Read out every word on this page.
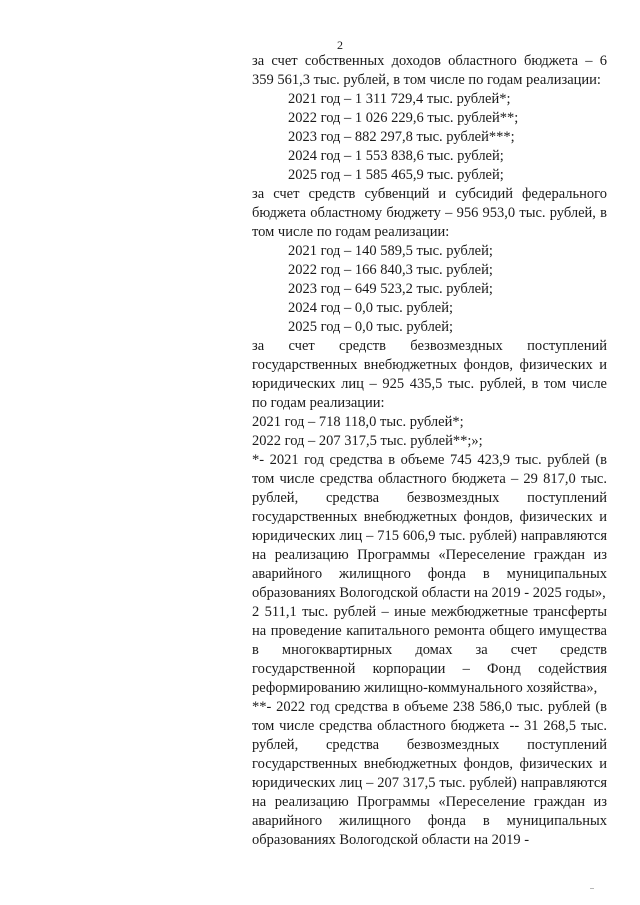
2
за счет собственных доходов областного бюджета – 6 359 561,3 тыс. рублей, в том числе по годам реализации:
2021 год – 1 311 729,4 тыс. рублей*;
2022 год – 1 026 229,6 тыс. рублей**;
2023 год – 882 297,8 тыс. рублей***;
2024 год – 1 553 838,6 тыс. рублей;
2025 год – 1 585 465,9 тыс. рублей;
за счет средств субвенций и субсидий федерального бюджета областному бюджету – 956 953,0 тыс. рублей, в том числе по годам реализации:
2021 год – 140 589,5 тыс. рублей;
2022 год – 166 840,3 тыс. рублей;
2023 год – 649 523,2 тыс. рублей;
2024 год – 0,0 тыс. рублей;
2025 год – 0,0 тыс. рублей;
за счет средств безвозмездных поступлений государственных внебюджетных фондов, физических и юридических лиц – 925 435,5 тыс. рублей, в том числе по годам реализации:
2021 год – 718 118,0 тыс. рублей*;
2022 год – 207 317,5 тыс. рублей**;»;
*- 2021 год средства в объеме 745 423,9 тыс. рублей (в том числе средства областного бюджета – 29 817,0 тыс. рублей, средства безвозмездных поступлений государственных внебюджетных фондов, физических и юридических лиц – 715 606,9 тыс. рублей) направляются на реализацию Программы «Переселение граждан из аварийного жилищного фонда в муниципальных образованиях Вологодской области на 2019 - 2025 годы»,
2 511,1 тыс. рублей – иные межбюджетные трансферты на проведение капитального ремонта общего имущества в многоквартирных домах за счет средств государственной корпорации – Фонд содействия реформированию жилищно-коммунального хозяйства»,
**- 2022 год средства в объеме 238 586,0 тыс. рублей (в том числе средства областного бюджета -- 31 268,5 тыс. рублей, средства безвозмездных поступлений государственных внебюджетных фондов, физических и юридических лиц – 207 317,5 тыс. рублей) направляются на реализацию Программы «Переселение граждан из аварийного жилищного фонда в муниципальных образованиях Вологодской области на 2019 -
..
